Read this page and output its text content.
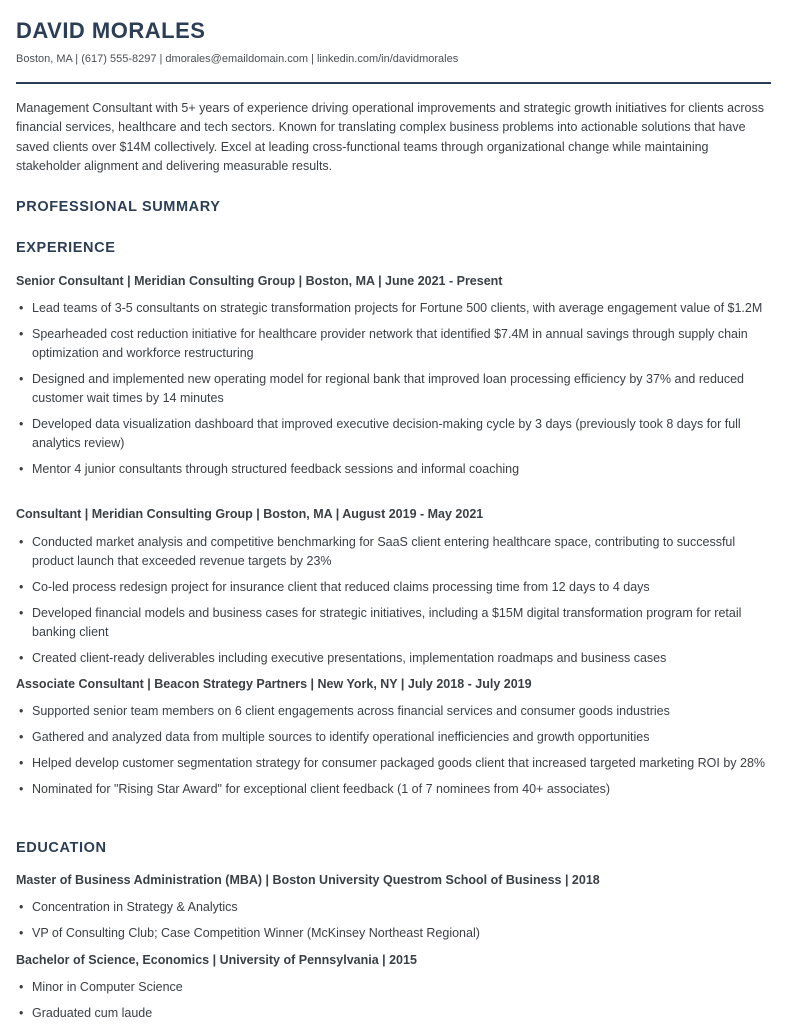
DAVID MORALES
Boston, MA | (617) 555-8297 | dmorales@emaildomain.com | linkedin.com/in/davidmorales

Management Consultant with 5+ years of experience driving operational improvements and strategic growth initiatives for clients across financial services, healthcare and tech sectors. Known for translating complex business problems into actionable solutions that have saved clients over $14M collectively. Excel at leading cross-functional teams through organizational change while maintaining stakeholder alignment and delivering measurable results.

PROFESSIONAL SUMMARY
EXPERIENCE
Senior Consultant | Meridian Consulting Group | Boston, MA | June 2021 - Present
• Lead teams of 3-5 consultants on strategic transformation projects for Fortune 500 clients, with average engagement value of $1.2M
• Spearheaded cost reduction initiative for healthcare provider network that identified $7.4M in annual savings through supply chain optimization and workforce restructuring
• Designed and implemented new operating model for regional bank that improved loan processing efficiency by 37% and reduced customer wait times by 14 minutes
• Developed data visualization dashboard that improved executive decision-making cycle by 3 days (previously took 8 days for full analytics review)
• Mentor 4 junior consultants through structured feedback sessions and informal coaching
Consultant | Meridian Consulting Group | Boston, MA | August 2019 - May 2021
• Conducted market analysis and competitive benchmarking for SaaS client entering healthcare space, contributing to successful product launch that exceeded revenue targets by 23%
• Co-led process redesign project for insurance client that reduced claims processing time from 12 days to 4 days
• Developed financial models and business cases for strategic initiatives, including a $15M digital transformation program for retail banking client
• Created client-ready deliverables including executive presentations, implementation roadmaps and business cases
Associate Consultant | Beacon Strategy Partners | New York, NY | July 2018 - July 2019
• Supported senior team members on 6 client engagements across financial services and consumer goods industries
• Gathered and analyzed data from multiple sources to identify operational inefficiencies and growth opportunities
• Helped develop customer segmentation strategy for consumer packaged goods client that increased targeted marketing ROI by 28%
• Nominated for "Rising Star Award" for exceptional client feedback (1 of 7 nominees from 40+ associates)
EDUCATION
Master of Business Administration (MBA) | Boston University Questrom School of Business | 2018
• Concentration in Strategy & Analytics
• VP of Consulting Club; Case Competition Winner (McKinsey Northeast Regional)
Bachelor of Science, Economics | University of Pennsylvania | 2015
• Minor in Computer Science
• Graduated cum laude
